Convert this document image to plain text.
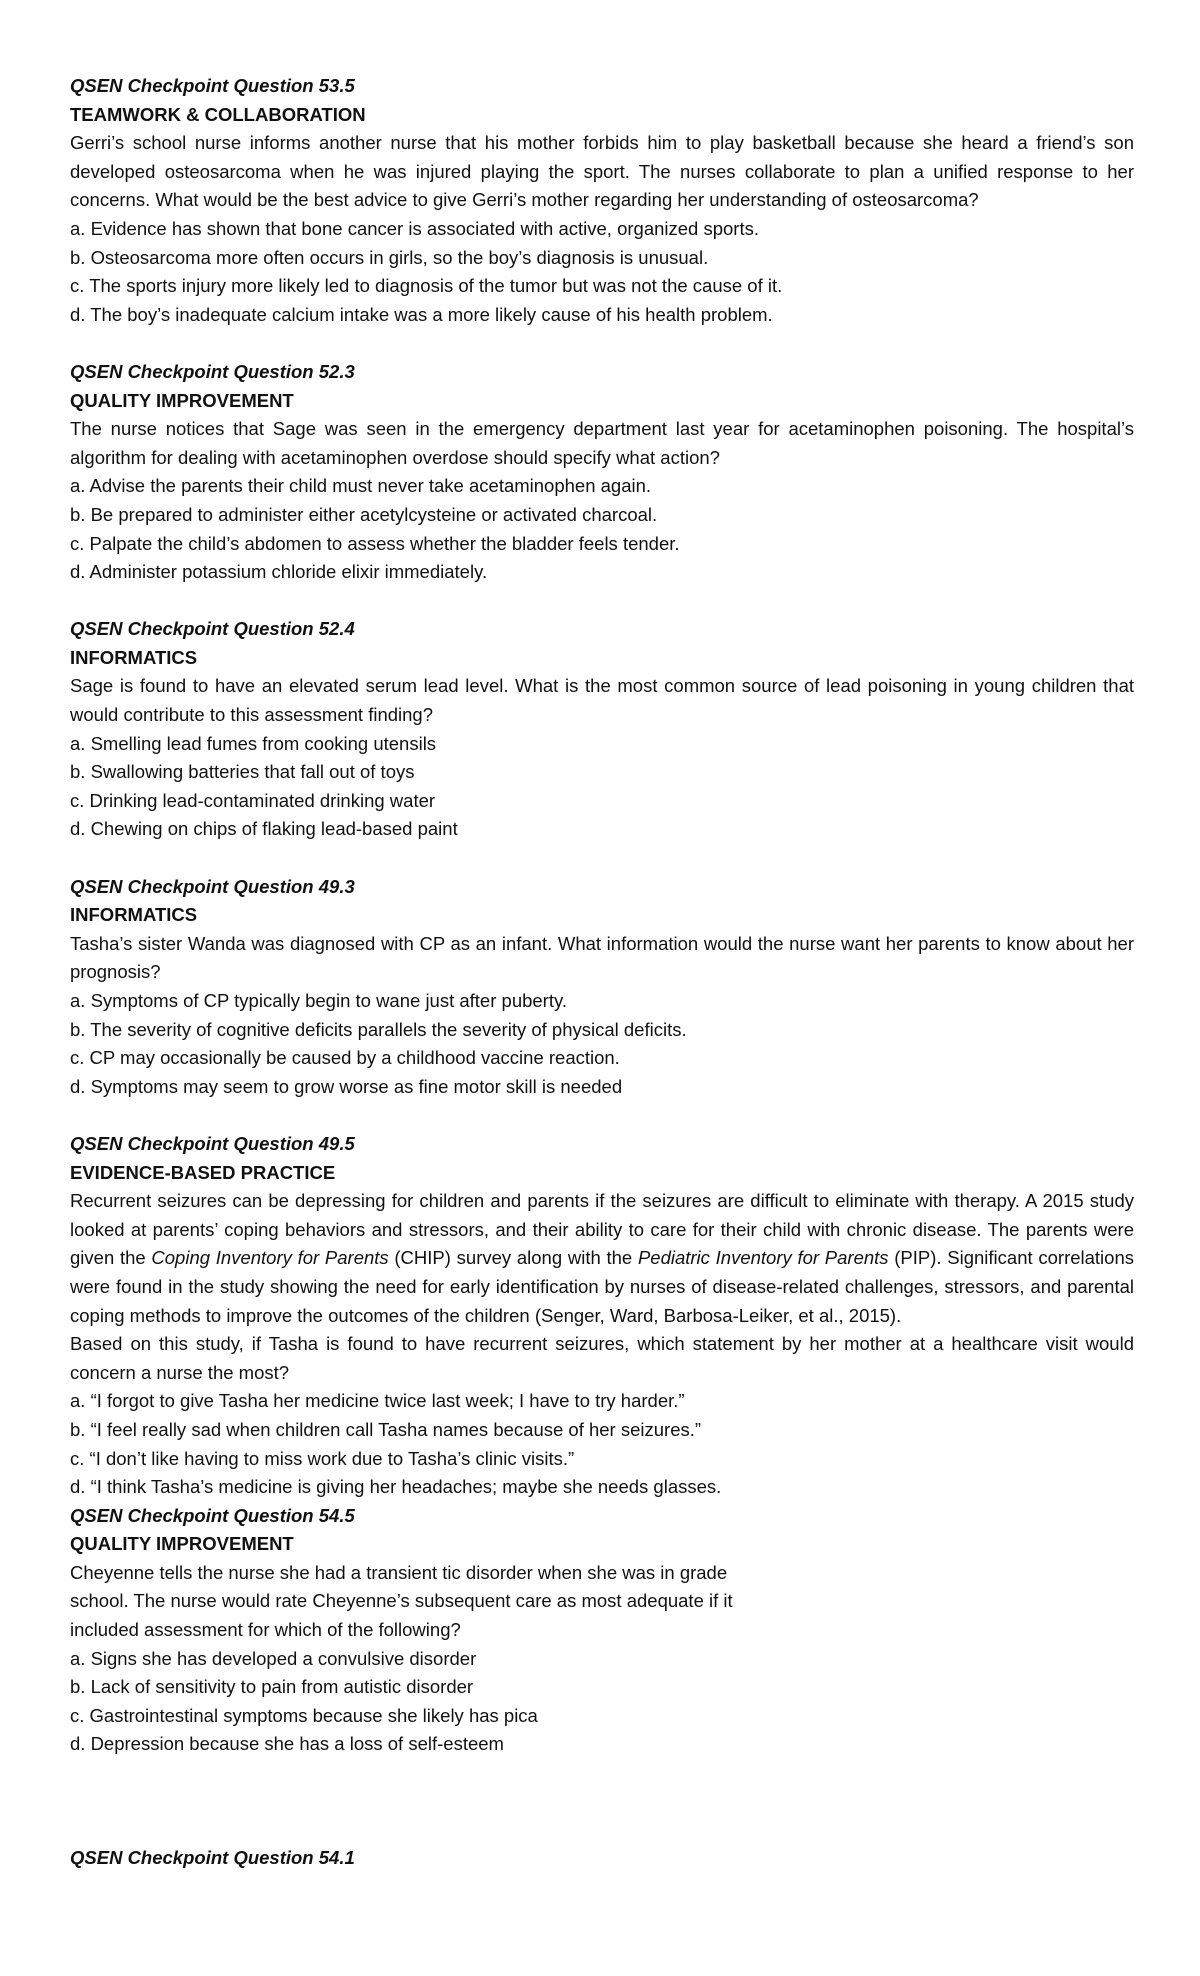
QSEN Checkpoint Question 53.5
TEAMWORK & COLLABORATION
Gerri’s school nurse informs another nurse that his mother forbids him to play basketball because she heard a friend’s son developed osteosarcoma when he was injured playing the sport. The nurses collaborate to plan a unified response to her concerns. What would be the best advice to give Gerri’s mother regarding her understanding of osteosarcoma?
a. Evidence has shown that bone cancer is associated with active, organized sports.
b. Osteosarcoma more often occurs in girls, so the boy’s diagnosis is unusual.
c. The sports injury more likely led to diagnosis of the tumor but was not the cause of it.
d. The boy’s inadequate calcium intake was a more likely cause of his health problem.
QSEN Checkpoint Question 52.3
QUALITY IMPROVEMENT
The nurse notices that Sage was seen in the emergency department last year for acetaminophen poisoning. The hospital’s algorithm for dealing with acetaminophen overdose should specify what action?
a. Advise the parents their child must never take acetaminophen again.
b. Be prepared to administer either acetylcysteine or activated charcoal.
c. Palpate the child’s abdomen to assess whether the bladder feels tender.
d. Administer potassium chloride elixir immediately.
QSEN Checkpoint Question 52.4
INFORMATICS
Sage is found to have an elevated serum lead level. What is the most common source of lead poisoning in young children that would contribute to this assessment finding?
a. Smelling lead fumes from cooking utensils
b. Swallowing batteries that fall out of toys
c. Drinking lead-contaminated drinking water
d. Chewing on chips of flaking lead-based paint
QSEN Checkpoint Question 49.3
INFORMATICS
Tasha’s sister Wanda was diagnosed with CP as an infant. What information would the nurse want her parents to know about her prognosis?
a. Symptoms of CP typically begin to wane just after puberty.
b. The severity of cognitive deficits parallels the severity of physical deficits.
c. CP may occasionally be caused by a childhood vaccine reaction.
d. Symptoms may seem to grow worse as fine motor skill is needed
QSEN Checkpoint Question 49.5
EVIDENCE-BASED PRACTICE

Recurrent seizures can be depressing for children and parents if the seizures are difficult to eliminate with therapy. A 2015 study looked at parents’ coping behaviors and stressors, and their ability to care for their child with chronic disease. The parents were given the Coping Inventory for Parents (CHIP) survey along with the Pediatric Inventory for Parents (PIP). Significant correlations were found in the study showing the need for early identification by nurses of disease-related challenges, stressors, and parental coping methods to improve the outcomes of the children (Senger, Ward, Barbosa-Leiker, et al., 2015).

Based on this study, if Tasha is found to have recurrent seizures, which statement by her mother at a healthcare visit would concern a nurse the most?
a. “I forgot to give Tasha her medicine twice last week; I have to try harder.”
b. “I feel really sad when children call Tasha names because of her seizures.”
c. “I don’t like having to miss work due to Tasha’s clinic visits.”
d. “I think Tasha’s medicine is giving her headaches; maybe she needs glasses.
QSEN Checkpoint Question 54.5
QUALITY IMPROVEMENT
Cheyenne tells the nurse she had a transient tic disorder when she was in grade
school. The nurse would rate Cheyenne’s subsequent care as most adequate if it
included assessment for which of the following?
a. Signs she has developed a convulsive disorder
b. Lack of sensitivity to pain from autistic disorder
c. Gastrointestinal symptoms because she likely has pica
d. Depression because she has a loss of self-esteem
QSEN Checkpoint Question 54.1
